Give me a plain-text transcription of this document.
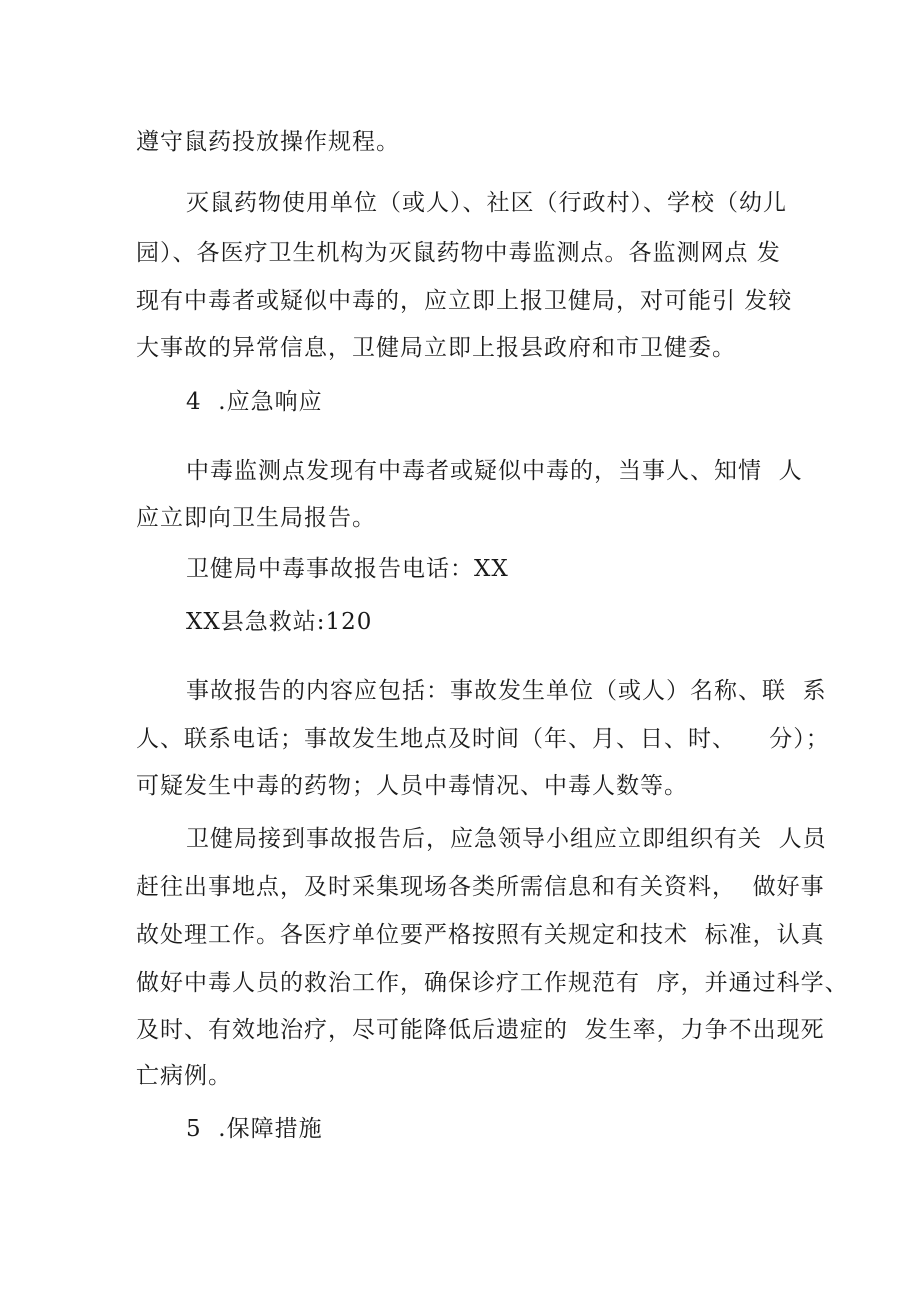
遵守鼠药投放操作规程。
灭鼠药物使用单位（或人）、社区（行政村）、学校（幼儿
园）、各医疗卫生机构为灭鼠药物中毒监测点。各监测网点 发
现有中毒者或疑似中毒的，应立即上报卫健局，对可能引 发较
大事故的异常信息，卫健局立即上报县政府和市卫健委。
4  .应急响应
中毒监测点发现有中毒者或疑似中毒的，当事人、知情  人
应立即向卫生局报告。
卫健局中毒事故报告电话：XX
XX县急救站:120
事故报告的内容应包括：事故发生单位（或人）名称、联  系
人、联系电话；事故发生地点及时间（年、月、日、时、    分）；
可疑发生中毒的药物；人员中毒情况、中毒人数等。
卫健局接到事故报告后，应急领导小组应立即组织有关  人员
赶往出事地点，及时采集现场各类所需信息和有关资料，  做好事
故处理工作。各医疗单位要严格按照有关规定和技术  标准，认真
做好中毒人员的救治工作，确保诊疗工作规范有  序，并通过科学、
及时、有效地治疗，尽可能降低后遗症的  发生率，力争不出现死
亡病例。
5  .保障措施
